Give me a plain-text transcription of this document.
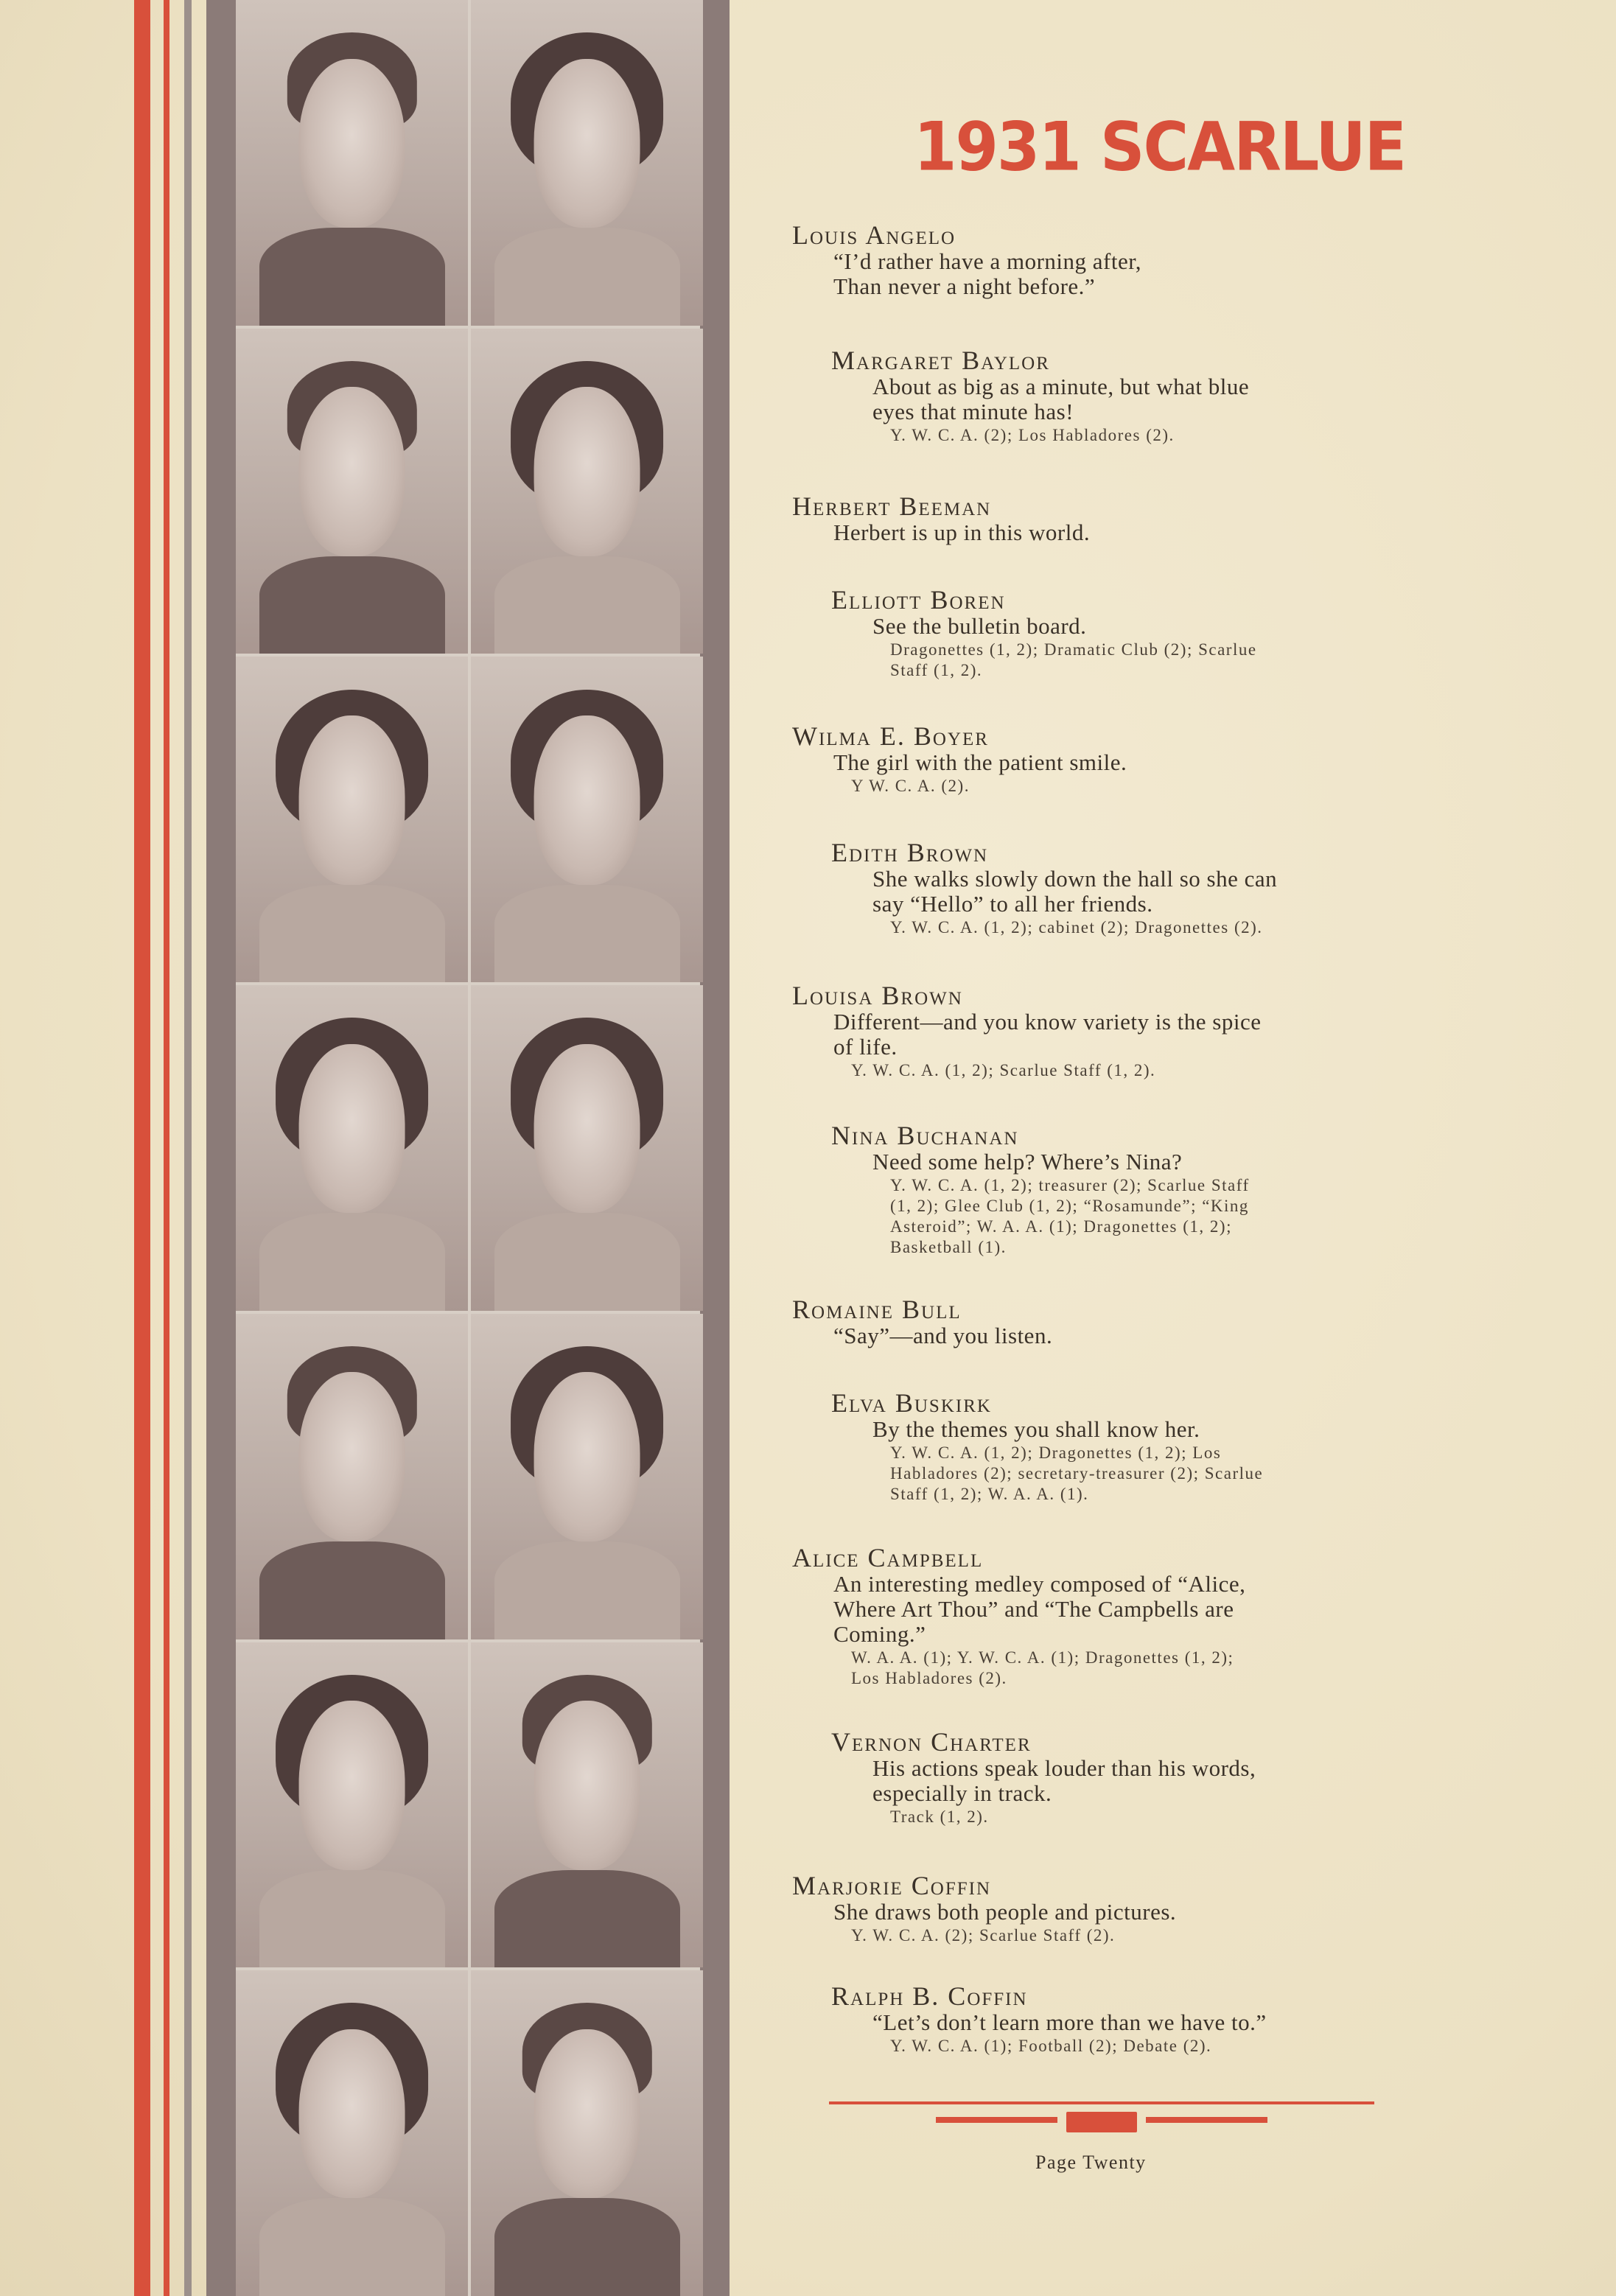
1931 SCARLUE
Louis Angelo
“I’d rather have a morning after,
Than never a night before.”
Margaret Baylor
About as big as a minute, but what blue
eyes that minute has!
Y. W. C. A. (2); Los Habladores (2).
Herbert Beeman
Herbert is up in this world.
Elliott Boren
See the bulletin board.
Dragonettes (1, 2); Dramatic Club (2); Scarlue
Staff (1, 2).
Wilma E. Boyer
The girl with the patient smile.
Y W. C. A. (2).
Edith Brown
She walks slowly down the hall so she can
say “Hello” to all her friends.
Y. W. C. A. (1, 2); cabinet (2); Dragonettes (2).
Louisa Brown
Different—and you know variety is the spice
of life.
Y. W. C. A. (1, 2); Scarlue Staff (1, 2).
Nina Buchanan
Need some help? Where’s Nina?
Y. W. C. A. (1, 2); treasurer (2); Scarlue Staff
(1, 2); Glee Club (1, 2); “Rosamunde”; “King
Asteroid”; W. A. A. (1); Dragonettes (1, 2);
Basketball (1).
Romaine Bull
“Say”—and you listen.
Elva Buskirk
By the themes you shall know her.
Y. W. C. A. (1, 2); Dragonettes (1, 2); Los
Habladores (2); secretary-treasurer (2); Scarlue
Staff (1, 2); W. A. A. (1).
Alice Campbell
An interesting medley composed of “Alice,
Where Art Thou” and “The Campbells are
Coming.”
W. A. A. (1); Y. W. C. A. (1); Dragonettes (1, 2);
Los Habladores (2).
Vernon Charter
His actions speak louder than his words,
especially in track.
Track (1, 2).
Marjorie Coffin
She draws both people and pictures.
Y. W. C. A. (2); Scarlue Staff (2).
Ralph B. Coffin
“Let’s don’t learn more than we have to.”
Y. W. C. A. (1); Football (2); Debate (2).
Page Twenty
